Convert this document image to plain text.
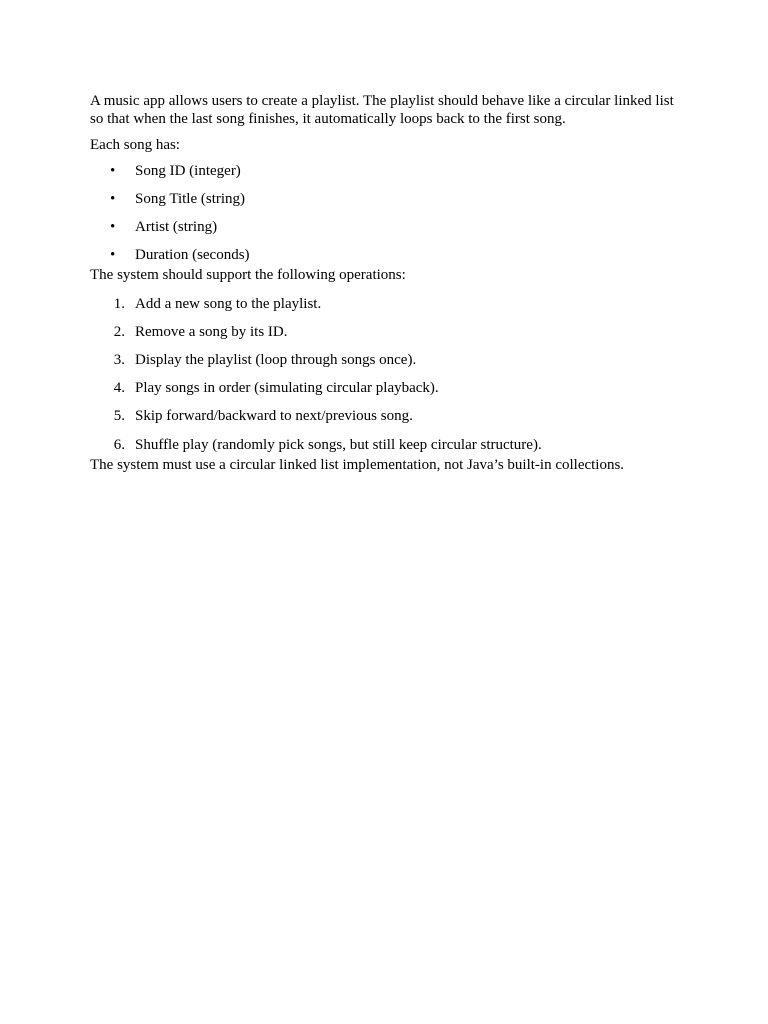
A music app allows users to create a playlist. The playlist should behave like a circular linked list so that when the last song finishes, it automatically loops back to the first song.

Each song has:

• Song ID (integer)
• Song Title (string)
• Artist (string)
• Duration (seconds)

The system should support the following operations:

1. Add a new song to the playlist.
2. Remove a song by its ID.
3. Display the playlist (loop through songs once).
4. Play songs in order (simulating circular playback).
5. Skip forward/backward to next/previous song.
6. Shuffle play (randomly pick songs, but still keep circular structure).

The system must use a circular linked list implementation, not Java’s built-in collections.
